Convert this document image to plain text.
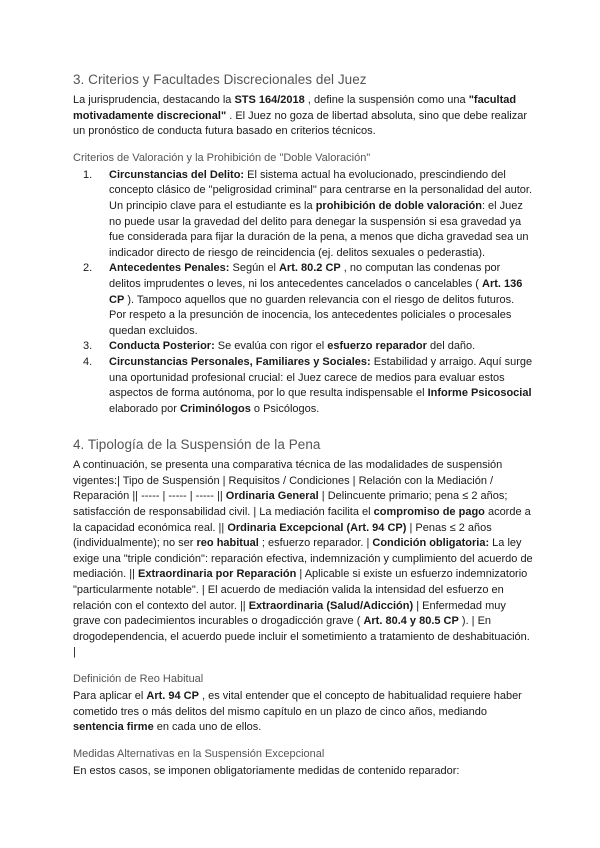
3. Criterios y Facultades Discrecionales del Juez

La jurisprudencia, destacando la STS 164/2018 , define la suspensión como una "facultad motivadamente discrecional" . El Juez no goza de libertad absoluta, sino que debe realizar un pronóstico de conducta futura basado en criterios técnicos.

Criterios de Valoración y la Prohibición de "Doble Valoración"
1. Circunstancias del Delito: El sistema actual ha evolucionado, prescindiendo del concepto clásico de "peligrosidad criminal" para centrarse en la personalidad del autor. Un principio clave para el estudiante es la prohibición de doble valoración: el Juez no puede usar la gravedad del delito para denegar la suspensión si esa gravedad ya fue considerada para fijar la duración de la pena, a menos que dicha gravedad sea un indicador directo de riesgo de reincidencia (ej. delitos sexuales o pederastia).
2. Antecedentes Penales: Según el Art. 80.2 CP , no computan las condenas por delitos imprudentes o leves, ni los antecedentes cancelados o cancelables ( Art. 136 CP ). Tampoco aquellos que no guarden relevancia con el riesgo de delitos futuros. Por respeto a la presunción de inocencia, los antecedentes policiales o procesales quedan excluidos.
3. Conducta Posterior: Se evalúa con rigor el esfuerzo reparador del daño.
4. Circunstancias Personales, Familiares y Sociales: Estabilidad y arraigo. Aquí surge una oportunidad profesional crucial: el Juez carece de medios para evaluar estos aspectos de forma autónoma, por lo que resulta indispensable el Informe Psicosocial elaborado por Criminólogos o Psicólogos.
4. Tipología de la Suspensión de la Pena

A continuación, se presenta una comparativa técnica de las modalidades de suspensión vigentes:| Tipo de Suspensión | Requisitos / Condiciones | Relación con la Mediación / Reparación || ----- | ----- | ----- || Ordinaria General | Delincuente primario; pena ≤ 2 años; satisfacción de responsabilidad civil. | La mediación facilita el compromiso de pago acorde a la capacidad económica real. || Ordinaria Excepcional (Art. 94 CP) | Penas ≤ 2 años (individualmente); no ser reo habitual ; esfuerzo reparador. | Condición obligatoria: La ley exige una "triple condición": reparación efectiva, indemnización y cumplimiento del acuerdo de mediación. || Extraordinaria por Reparación | Aplicable si existe un esfuerzo indemnizatorio "particularmente notable". | El acuerdo de mediación valida la intensidad del esfuerzo en relación con el contexto del autor. || Extraordinaria (Salud/Adicción) | Enfermedad muy grave con padecimientos incurables o drogadicción grave ( Art. 80.4 y 80.5 CP ). | En drogodependencia, el acuerdo puede incluir el sometimiento a tratamiento de deshabituación. |

Definición de Reo Habitual

Para aplicar el Art. 94 CP , es vital entender que el concepto de habitualidad requiere haber cometido tres o más delitos del mismo capítulo en un plazo de cinco años, mediando sentencia firme en cada uno de ellos.

Medidas Alternativas en la Suspensión Excepcional

En estos casos, se imponen obligatoriamente medidas de contenido reparador:
